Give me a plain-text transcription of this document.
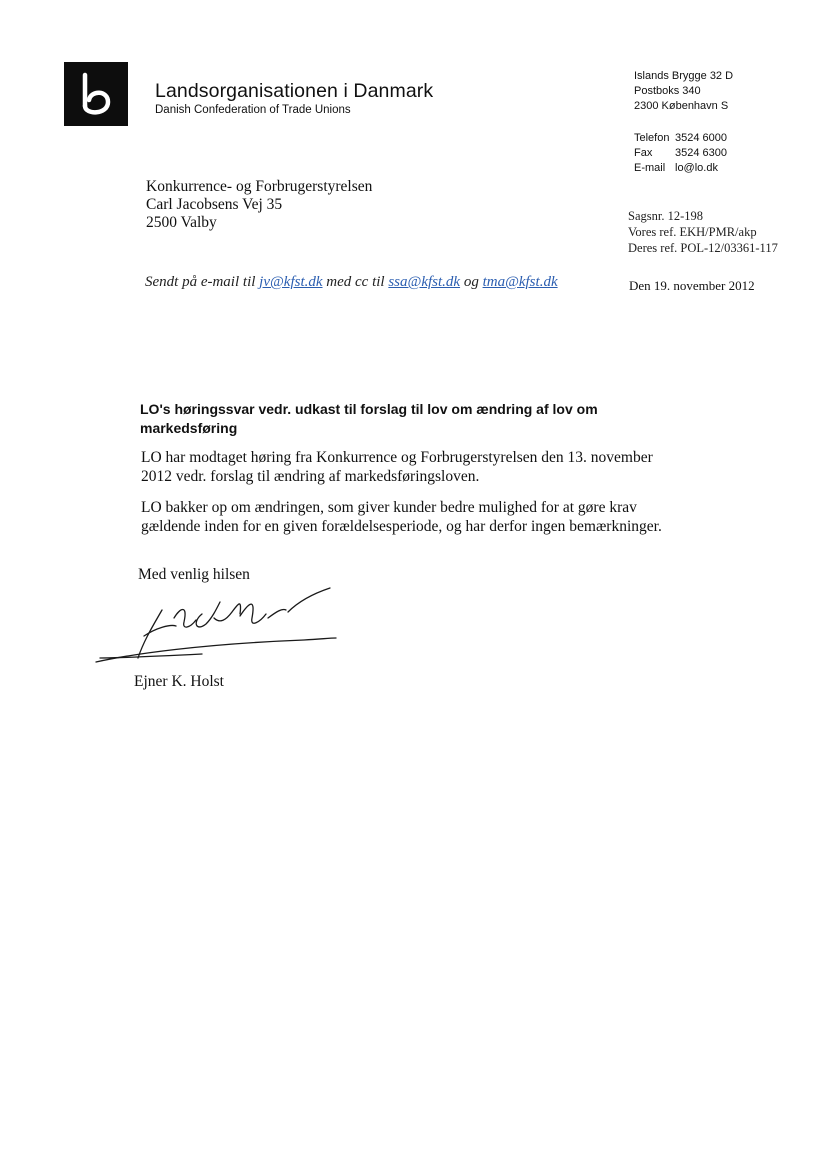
Landsorganisationen i Danmark
Danish Confederation of Trade Unions
Islands Brygge 32 D
Postboks 340
2300 København S
Telefon 3524 6000
Fax	3524 6300
E-mail lo@lo.dk
Konkurrence- og Forbrugerstyrelsen
Carl Jacobsens Vej 35
2500 Valby	Sagsnr. 12-198
Vores ref. EKH/PMR/akp
Deres ref. POL-12/03361-117
Sendt på e-mail til jv@kfst.dk med cc til ssa@kfst.dk og tma@kfst.dk	Den 19. november 2012
LO's høringssvar vedr. udkast til forslag til lov om ændring af lov om markedsføring
LO har modtaget høring fra Konkurrence og Forbrugerstyrelsen den 13. november 2012 vedr. forslag til ændring af markedsføringsloven.
LO bakker op om ændringen, som giver kunder bedre mulighed for at gøre krav gældende inden for en given forældelsesperiode, og har derfor ingen bemærkninger.
Med venlig hilsen
Ejner K. Holst
